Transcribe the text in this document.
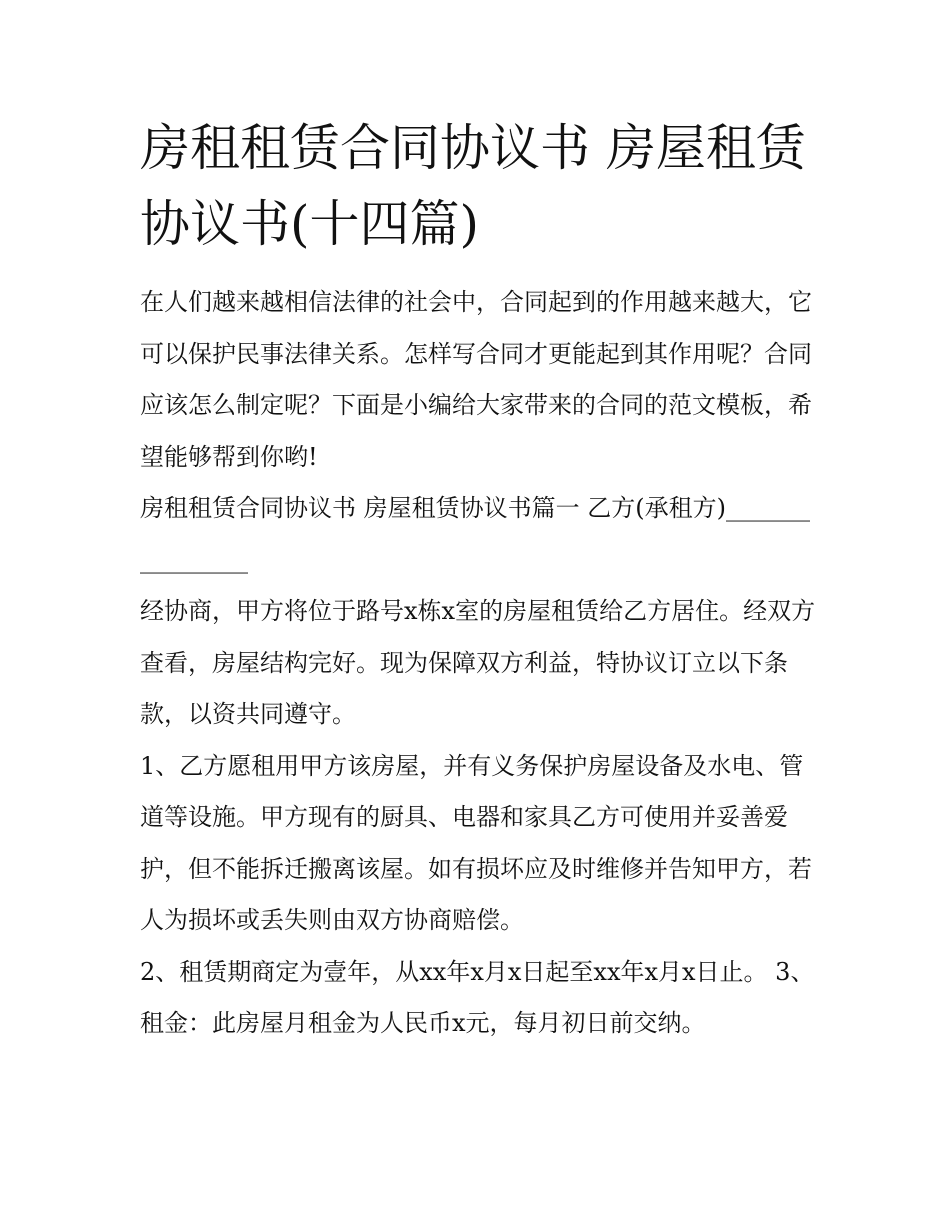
房租租赁合同协议书 房屋租赁协议书(十四篇)

在人们越来越相信法律的社会中，合同起到的作用越来越大，它可以保护民事法律关系。怎样写合同才更能起到其作用呢？合同应该怎么制定呢？下面是小编给大家带来的合同的范文模板，希望能够帮到你哟!

房租租赁合同协议书 房屋租赁协议书篇一 乙方(承租方)________________

经协商，甲方将位于路号x栋x室的房屋租赁给乙方居住。经双方查看，房屋结构完好。现为保障双方利益，特协议订立以下条款，以资共同遵守。

1、乙方愿租用甲方该房屋，并有义务保护房屋设备及水电、管道等设施。甲方现有的厨具、电器和家具乙方可使用并妥善爱护，但不能拆迁搬离该屋。如有损坏应及时维修并告知甲方，若人为损坏或丢失则由双方协商赔偿。

2、租赁期商定为壹年，从xx年x月x日起至xx年x月x日止。 3、租金：此房屋月租金为人民币x元，每月初日前交纳。
